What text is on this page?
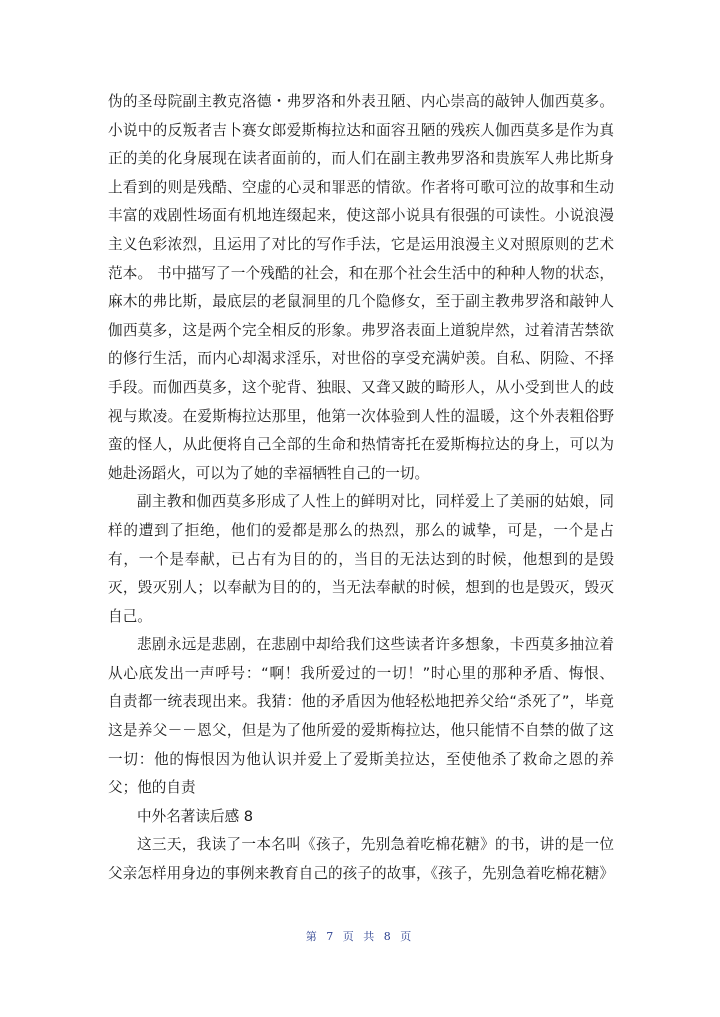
伪的圣母院副主教克洛德・弗罗洛和外表丑陋、内心崇高的敲钟人伽西莫多。
小说中的反叛者吉卜赛女郎爱斯梅拉达和面容丑陋的残疾人伽西莫多是作为真
正的美的化身展现在读者面前的，而人们在副主教弗罗洛和贵族军人弗比斯身
上看到的则是残酷、空虚的心灵和罪恶的情欲。作者将可歌可泣的故事和生动
丰富的戏剧性场面有机地连缀起来，使这部小说具有很强的可读性。小说浪漫
主义色彩浓烈，且运用了对比的写作手法，它是运用浪漫主义对照原则的艺术
范本。 书中描写了一个残酷的社会，和在那个社会生活中的种种人物的状态，
麻木的弗比斯，最底层的老鼠洞里的几个隐修女，至于副主教弗罗洛和敲钟人
伽西莫多，这是两个完全相反的形象。弗罗洛表面上道貌岸然，过着清苦禁欲
的修行生活，而内心却渴求淫乐，对世俗的享受充满妒羡。自私、阴险、不择
手段。而伽西莫多，这个驼背、独眼、又聋又跛的畸形人，从小受到世人的歧
视与欺凌。在爱斯梅拉达那里，他第一次体验到人性的温暖，这个外表粗俗野
蛮的怪人，从此便将自己全部的生命和热情寄托在爱斯梅拉达的身上，可以为
她赴汤蹈火，可以为了她的幸福牺牲自己的一切。
副主教和伽西莫多形成了人性上的鲜明对比，同样爱上了美丽的姑娘，同
样的遭到了拒绝，他们的爱都是那么的热烈，那么的诚挚，可是，一个是占
有，一个是奉献，已占有为目的的，当目的无法达到的时候，他想到的是毁
灭，毁灭别人；以奉献为目的的，当无法奉献的时候，想到的也是毁灭，毁灭
自己。
悲剧永远是悲剧，在悲剧中却给我们这些读者许多想象，卡西莫多抽泣着
从心底发出一声呼号：“啊！我所爱过的一切！”时心里的那种矛盾、悔恨、
自责都一统表现出来。我猜：他的矛盾因为他轻松地把养父给“杀死了”，毕竟
这是养父－－恩父，但是为了他所爱的爱斯梅拉达，他只能情不自禁的做了这
一切：他的悔恨因为他认识并爱上了爱斯美拉达，至使他杀了救命之恩的养
父；他的自责
中外名著读后感 8
这三天，我读了一本名叫《孩子，先别急着吃棉花糖》的书，讲的是一位
父亲怎样用身边的事例来教育自己的孩子的故事，《孩子，先别急着吃棉花糖》
第 7 页 共 8 页
